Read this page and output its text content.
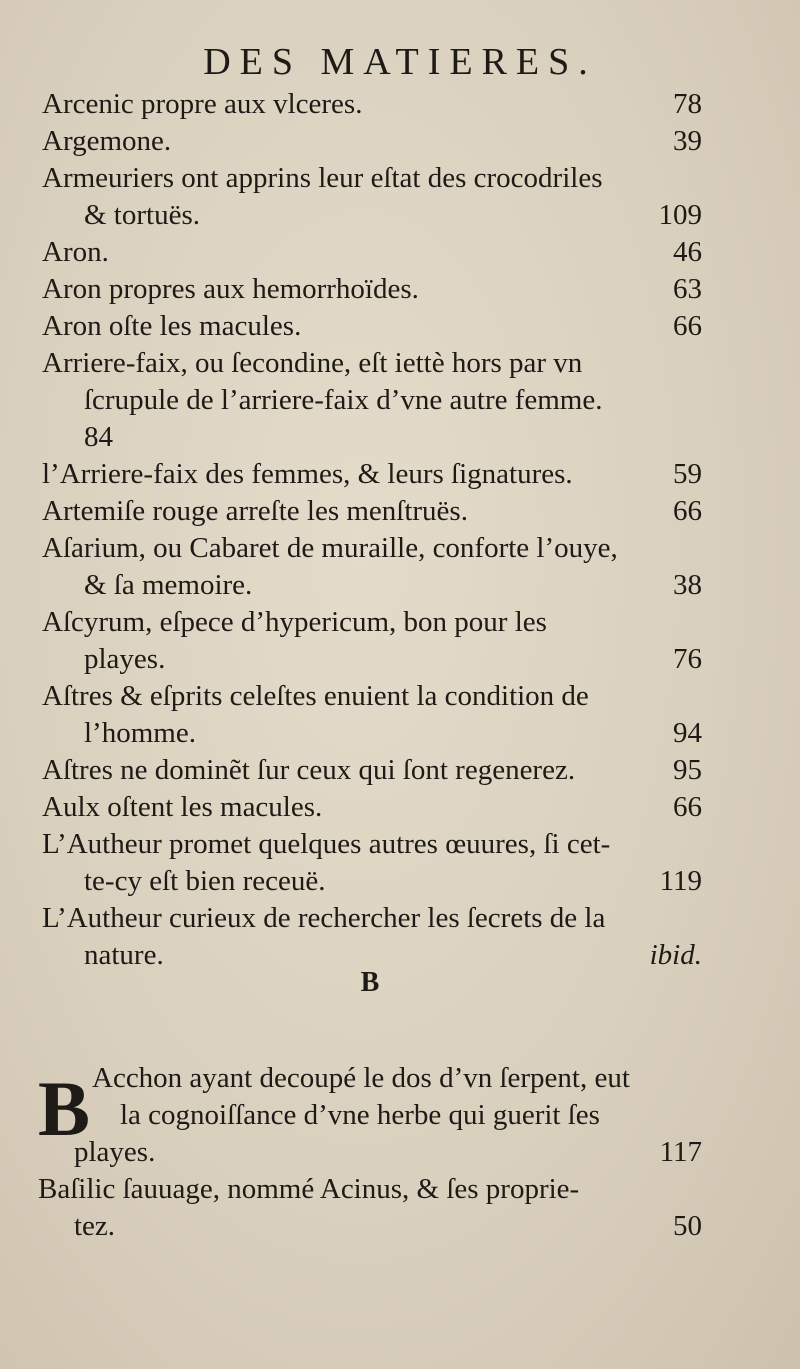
DES MATIERES.
Arcenic propre aux vlceres.	78
Argemone.	39
Armeuriers ont apprins leur eſtat des crocodriles
& tortuës.	109
Aron.	46
Aron propres aux hemorrhoïdes.	63
Aron oſte les macules.	66
Arriere-faix, ou ſecondine, eſt iettè hors par vn
ſcrupule de l’arriere-faix d’vne autre femme.
84
l’Arriere-faix des femmes, & leurs ſignatures.	59
Artemiſe rouge arreſte les menſtruës.	66
Aſarium, ou Cabaret de muraille, conforte l’ouye,
& ſa memoire.	38
Aſcyrum, eſpece d’hypericum, bon pour les
playes.	76
Aſtres & eſprits celeſtes enuient la condition de
l’homme.	94
Aſtres ne dominẽt ſur ceux qui ſont regenerez.	95
Aulx oſtent les macules.	66
L’Autheur promet quelques autres œuures, ſi cet-
te-cy eſt bien receuë.	119
L’Autheur curieux de rechercher les ſecrets de la
nature.	ibid.
B
B Acchon ayant decoupé le dos d’vn ſerpent, eut
la cognoiſſance d’vne herbe qui guerit ſes
playes.	117
Baſilic ſauuage, nommé Acinus, & ſes proprie-
tez.	50
